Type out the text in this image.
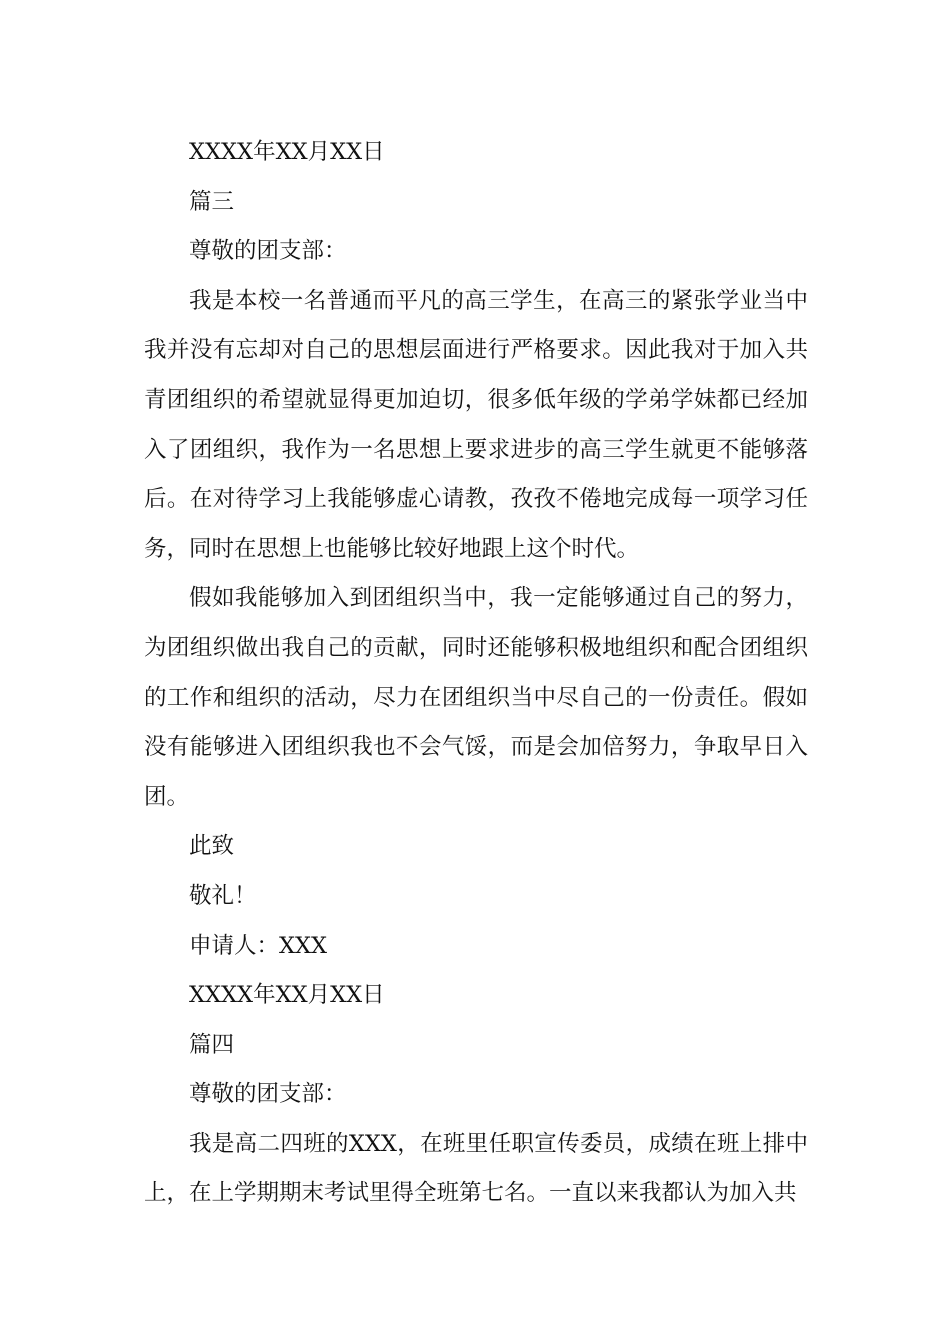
XXXX年XX月XX日
篇三
尊敬的团支部：

我是本校一名普通而平凡的高三学生，在高三的紧张学业当中我并没有忘却对自己的思想层面进行严格要求。因此我对于加入共青团组织的希望就显得更加迫切，很多低年级的学弟学妹都已经加入了团组织，我作为一名思想上要求进步的高三学生就更不能够落后。在对待学习上我能够虚心请教，孜孜不倦地完成每一项学习任务，同时在思想上也能够比较好地跟上这个时代。

假如我能够加入到团组织当中，我一定能够通过自己的努力，为团组织做出我自己的贡献，同时还能够积极地组织和配合团组织的工作和组织的活动，尽力在团组织当中尽自己的一份责任。假如没有能够进入团组织我也不会气馁，而是会加倍努力，争取早日入团。

此致
敬礼！
申请人：XXX
XXXX年XX月XX日
篇四
尊敬的团支部：

我是高二四班的XXX，在班里任职宣传委员，成绩在班上排中上，在上学期期末考试里得全班第七名。一直以来我都认为加入共
